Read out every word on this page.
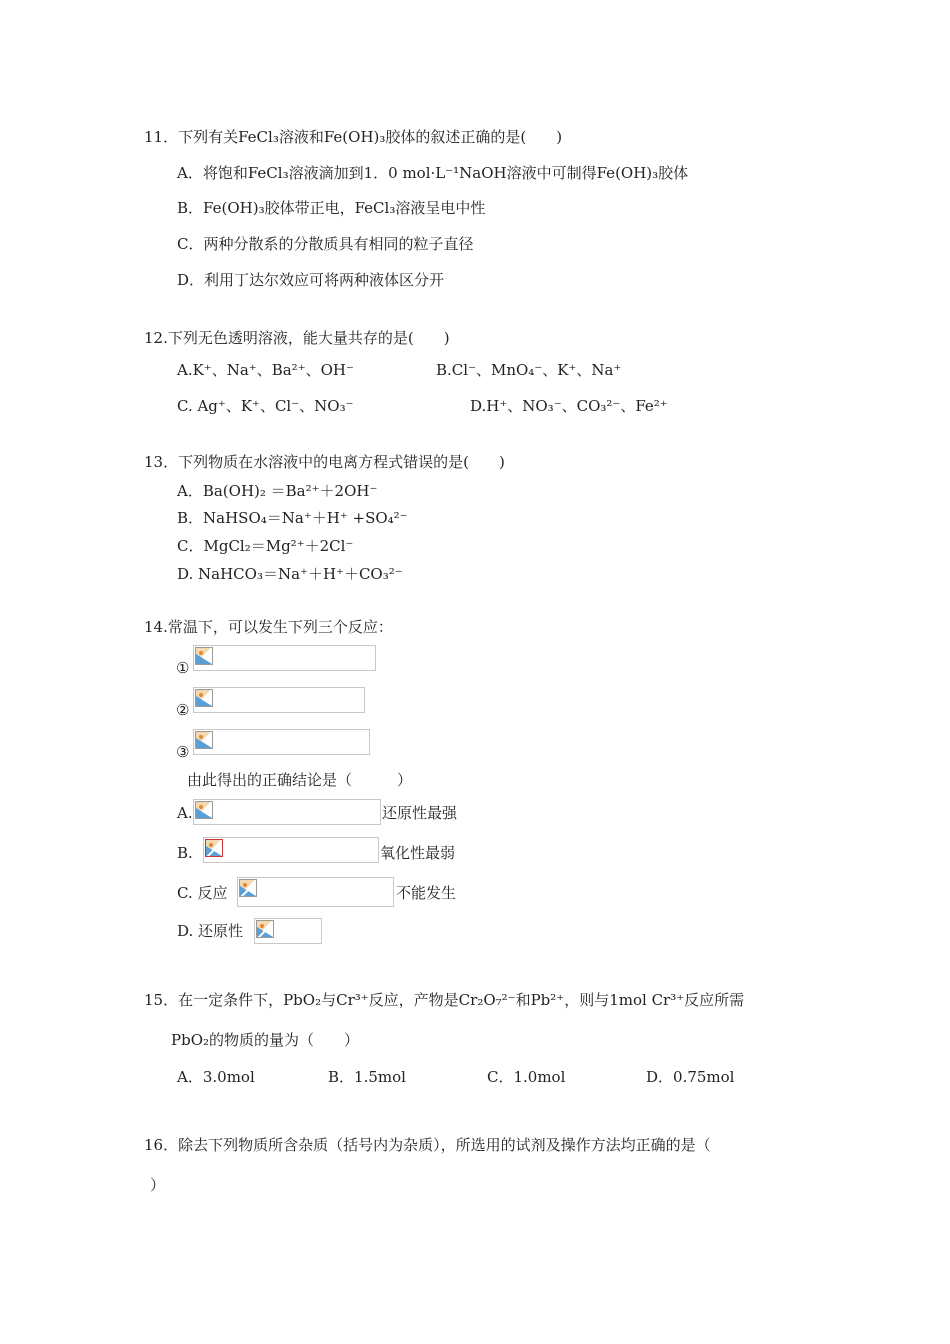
11．下列有关FeCl₃溶液和Fe(OH)₃胶体的叙述正确的是(　　)
A．将饱和FeCl₃溶液滴加到1．0 mol·L⁻¹NaOH溶液中可制得Fe(OH)₃胶体
B．Fe(OH)₃胶体带正电，FeCl₃溶液呈电中性
C．两种分散系的分散质具有相同的粒子直径
D．利用丁达尔效应可将两种液体区分开
12.下列无色透明溶液，能大量共存的是(　　)
A.K⁺、Na⁺、Ba²⁺、OH⁻	B.Cl⁻、MnO₄⁻、K⁺、Na⁺
C. Ag⁺、K⁺、Cl⁻、NO₃⁻	D.H⁺、NO₃⁻、CO₃²⁻、Fe²⁺
13．下列物质在水溶液中的电离方程式错误的是(　　)
A．Ba(OH)₂ ＝Ba²⁺＋2OH⁻
B．NaHSO₄＝Na⁺＋H⁺ +SO₄²⁻
C．MgCl₂＝Mg²⁺＋2Cl⁻
D. NaHCO₃＝Na⁺＋H⁺＋CO₃²⁻
14.常温下，可以发生下列三个反应：
①
②
③
由此得出的正确结论是（　　　）
A.	还原性最强
B.	氧化性最弱
C. 反应	不能发生
D. 还原性
15．在一定条件下，PbO₂与Cr³⁺反应，产物是Cr₂O₇²⁻和Pb²⁺，则与1mol Cr³⁺反应所需
PbO₂的物质的量为（　　）
A．3.0mol	B．1.5mol	C．1.0mol	D．0.75mol
16．除去下列物质所含杂质（括号内为杂质），所选用的试剂及操作方法均正确的是（
）
